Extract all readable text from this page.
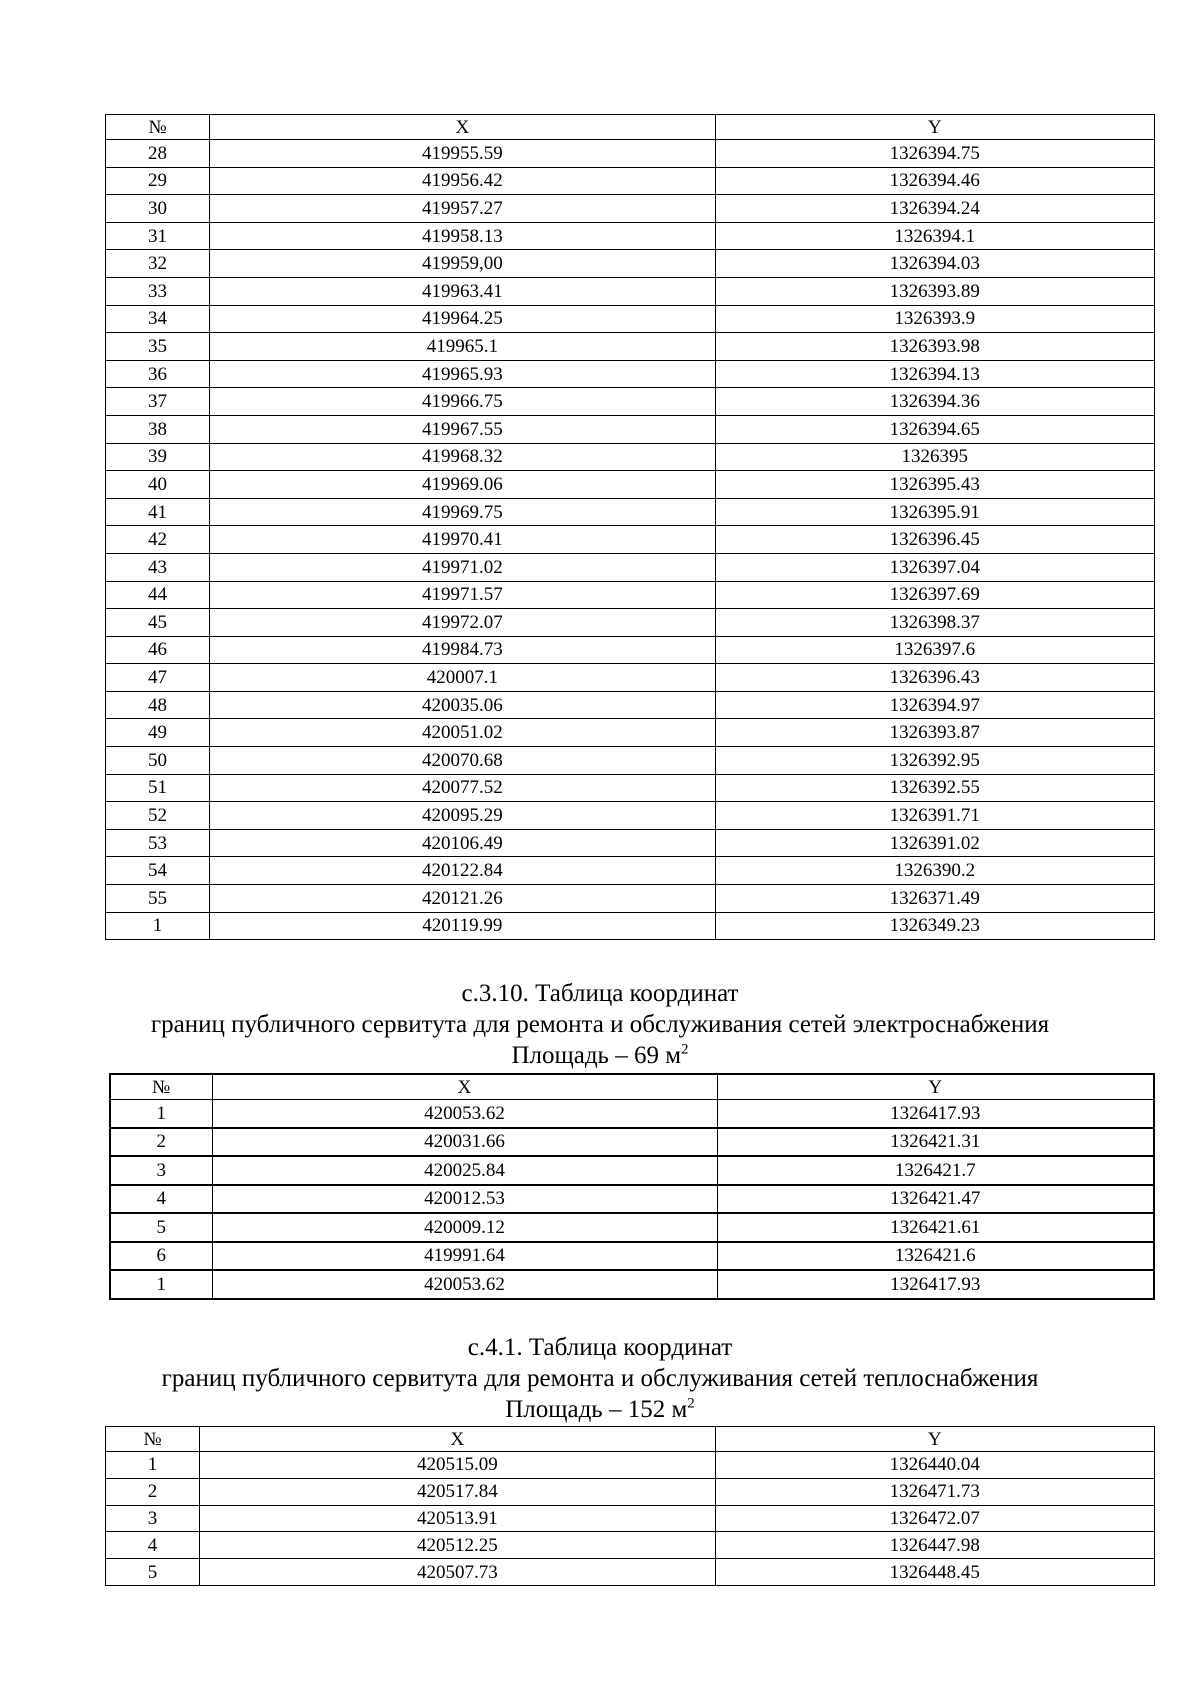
№	X	Y
28	419955.59	1326394.75
29	419956.42	1326394.46
30	419957.27	1326394.24
31	419958.13	1326394.1
32	419959,00	1326394.03
33	419963.41	1326393.89
34	419964.25	1326393.9
35	419965.1	1326393.98
36	419965.93	1326394.13
37	419966.75	1326394.36
38	419967.55	1326394.65
39	419968.32	1326395
40	419969.06	1326395.43
41	419969.75	1326395.91
42	419970.41	1326396.45
43	419971.02	1326397.04
44	419971.57	1326397.69
45	419972.07	1326398.37
46	419984.73	1326397.6
47	420007.1	1326396.43
48	420035.06	1326394.97
49	420051.02	1326393.87
50	420070.68	1326392.95
51	420077.52	1326392.55
52	420095.29	1326391.71
53	420106.49	1326391.02
54	420122.84	1326390.2
55	420121.26	1326371.49
1	420119.99	1326349.23
с.3.10. Таблица координат
границ публичного сервитута для ремонта и обслуживания сетей электроснабжения
Площадь – 69 $м^2$
№	X	Y
1	420053.62	1326417.93
2	420031.66	1326421.31
3	420025.84	1326421.7
4	420012.53	1326421.47
5	420009.12	1326421.61
6	419991.64	1326421.6
1	420053.62	1326417.93
с.4.1. Таблица координат
границ публичного сервитута для ремонта и обслуживания сетей теплоснабжения
Площадь – 152 $м^2$
№	X	Y
1	420515.09	1326440.04
2	420517.84	1326471.73
3	420513.91	1326472.07
4	420512.25	1326447.98
5	420507.73	1326448.45
